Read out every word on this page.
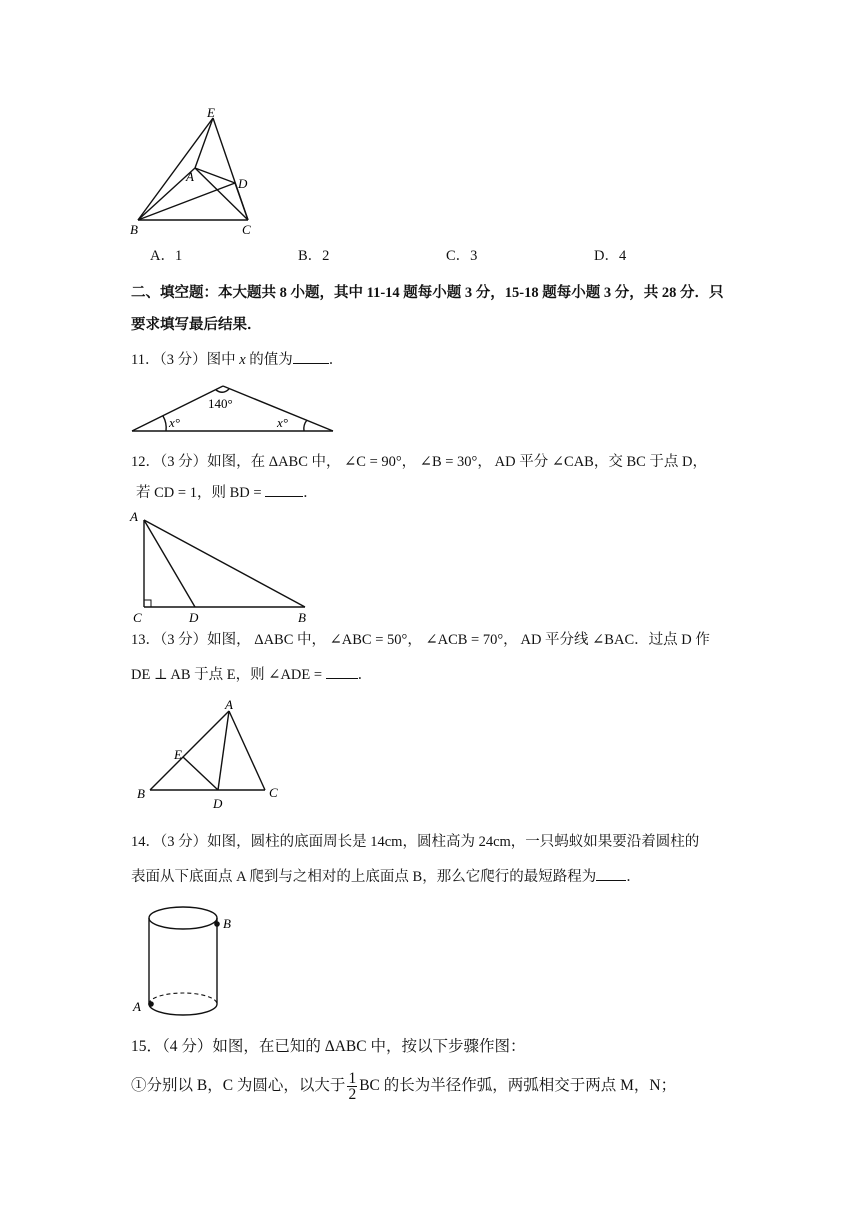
E
A	D
B	C
A．1	B．2	C．3	D．4
二、填空题：本大题共 8 小题，其中 11-14 题每小题 3 分，15-18 题每小题 3 分，共 28 分．只
要求填写最后结果．
11．（3 分）图中 x 的值为 ．
140°
x°	x°
12．（3 分）如图，在 ΔABC 中， ∠C = 90°， ∠B = 30°， AD 平分 ∠CAB，交 BC 于点 D，
若 CD = 1，则 BD =	．
A
C	D	B
13．（3 分）如图， ΔABC 中， ∠ABC = 50°， ∠ACB = 70°， AD 平分线 ∠BAC．过点 D 作
DE ⊥ AB 于点 E，则 ∠ADE = ．
A
E
B
D
C
14．（3 分）如图，圆柱的底面周长是 14cm，圆柱高为 24cm，一只蚂蚁如果要沿着圆柱的
表面从下底面点 A 爬到与之相对的上底面点 B，那么它爬行的最短路程为 ．
B
A
15．（4 分）如图，在已知的 ΔABC 中，按以下步骤作图：
①分别以 B，C 为圆心，以大于 $\frac{1}{2}$ BC 的长为半径作弧，两弧相交于两点 M，N；
